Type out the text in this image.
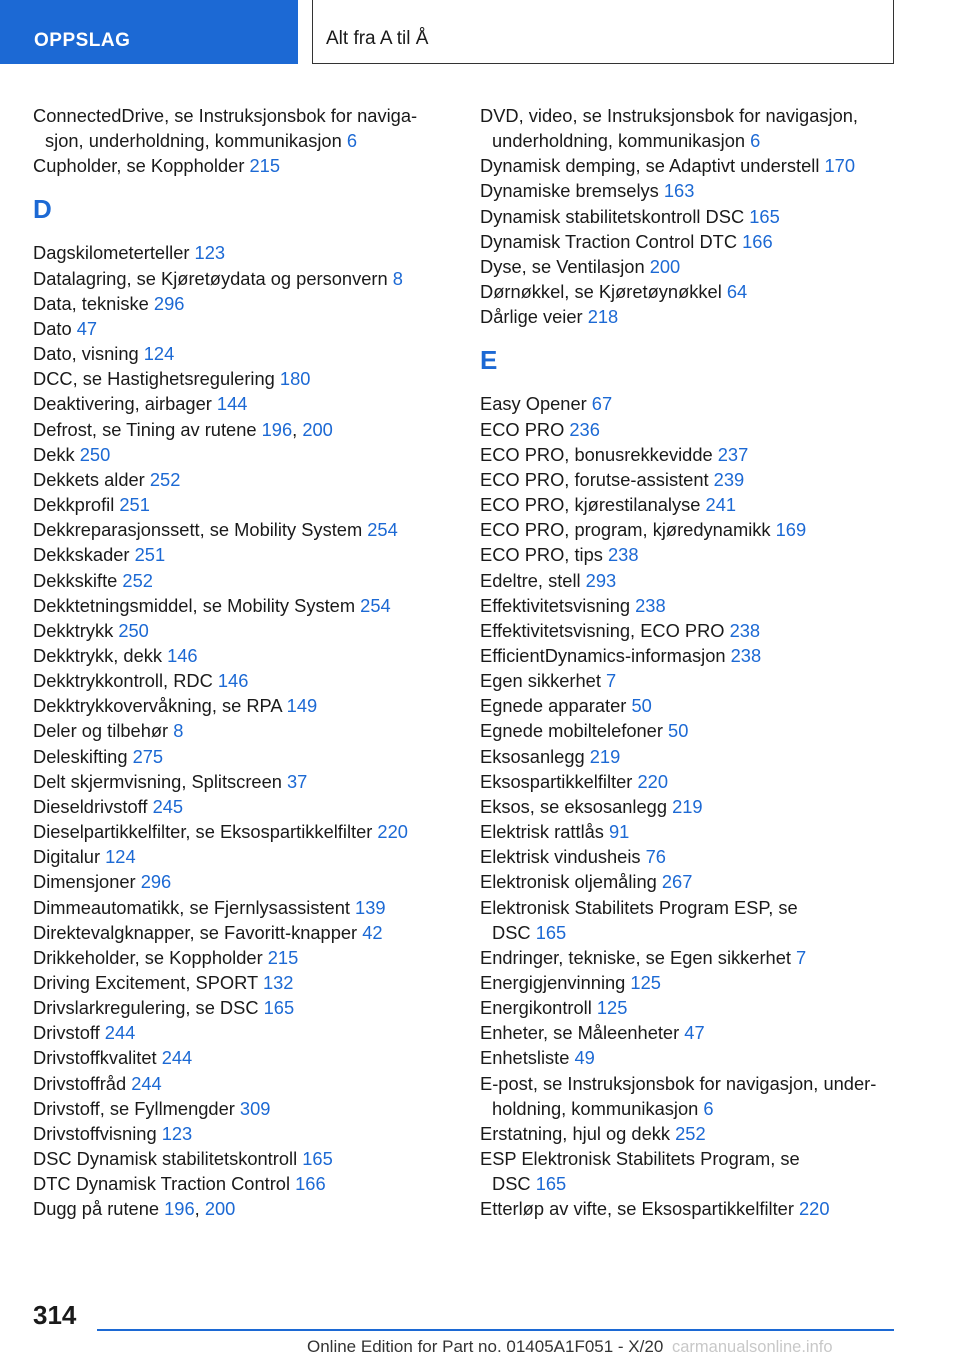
OPPSLAG	Alt fra A til Å
ConnectedDrive, se Instruksjonsbok for naviga-
sjon, underholdning, kommunikasjon 6
Cupholder, se Koppholder 215
D
Dagskilometerteller 123
Datalagring, se Kjøretøydata og personvern 8
Data, tekniske 296
Dato 47
Dato, visning 124
DCC, se Hastighetsregulering 180
Deaktivering, airbager 144
Defrost, se Tining av rutene 196, 200
Dekk 250
Dekkets alder 252
Dekkprofil 251
Dekkreparasjonssett, se Mobility System 254
Dekkskader 251
Dekkskifte 252
Dekktetningsmiddel, se Mobility System 254
Dekktrykk 250
Dekktrykk, dekk 146
Dekktrykkontroll, RDC 146
Dekktrykkovervåkning, se RPA 149
Deler og tilbehør 8
Deleskifting 275
Delt skjermvisning, Splitscreen 37
Dieseldrivstoff 245
Dieselpartikkelfilter, se Eksospartikkelfilter 220
Digitalur 124
Dimensjoner 296
Dimmeautomatikk, se Fjernlysassistent 139
Direktevalgknapper, se Favoritt-knapper 42
Drikkeholder, se Koppholder 215
Driving Excitement, SPORT 132
Drivslarkregulering, se DSC 165
Drivstoff 244
Drivstoffkvalitet 244
Drivstoffråd 244
Drivstoff, se Fyllmengder 309
Drivstoffvisning 123
DSC Dynamisk stabilitetskontroll 165
DTC Dynamisk Traction Control 166
Dugg på rutene 196, 200
DVD, video, se Instruksjonsbok for navigasjon,
underholdning, kommunikasjon 6
Dynamisk demping, se Adaptivt understell 170
Dynamiske bremselys 163
Dynamisk stabilitetskontroll DSC 165
Dynamisk Traction Control DTC 166
Dyse, se Ventilasjon 200
Dørnøkkel, se Kjøretøynøkkel 64
Dårlige veier 218
E
Easy Opener 67
ECO PRO 236
ECO PRO, bonusrekkevidde 237
ECO PRO, forutse-assistent 239
ECO PRO, kjørestilanalyse 241
ECO PRO, program, kjøredynamikk 169
ECO PRO, tips 238
Edeltre, stell 293
Effektivitetsvisning 238
Effektivitetsvisning, ECO PRO 238
EfficientDynamics-informasjon 238
Egen sikkerhet 7
Egnede apparater 50
Egnede mobiltelefoner 50
Eksosanlegg 219
Eksospartikkelfilter 220
Eksos, se eksosanlegg 219
Elektrisk rattlås 91
Elektrisk vindusheis 76
Elektronisk oljemåling 267
Elektronisk Stabilitets Program ESP, se
DSC 165
Endringer, tekniske, se Egen sikkerhet 7
Energigjenvinning 125
Energikontroll 125
Enheter, se Måleenheter 47
Enhetsliste 49
E-post, se Instruksjonsbok for navigasjon, under-
holdning, kommunikasjon 6
Erstatning, hjul og dekk 252
ESP Elektronisk Stabilitets Program, se
DSC 165
Etterløp av vifte, se Eksospartikkelfilter 220
314
Online Edition for Part no. 01405A1F051 - X/20 carmanualsonline.info
